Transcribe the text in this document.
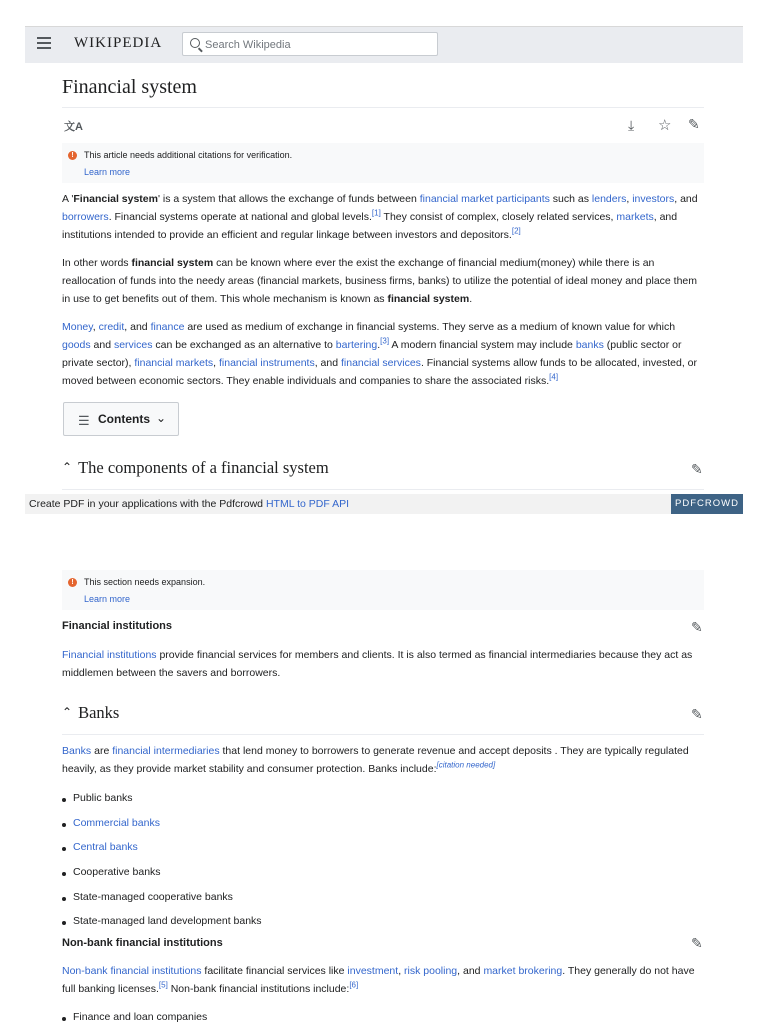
WIKIPEDIA
Search Wikipedia
Financial system
文A	⤓ ☆ ✎
!	This article needs additional citations for verification.
Learn more

A 'Financial system' is a system that allows the exchange of funds between financial market participants such as lenders, investors, and borrowers. Financial systems operate at national and global levels.[1] They consist of complex, closely related services, markets, and institutions intended to provide an efficient and regular linkage between investors and depositors.[2]

In other words financial system can be known where ever the exist the exchange of financial medium(money) while there is an reallocation of funds into the needy areas (financial markets, business firms, banks) to utilize the potential of ideal money and place them in use to get benefits out of them. This whole mechanism is known as financial system.

Money, credit, and finance are used as medium of exchange in financial systems. They serve as a medium of known value for which goods and services can be exchanged as an alternative to bartering.[3] A modern financial system may include banks (public sector or private sector), financial markets, financial instruments, and financial services. Financial systems allow funds to be allocated, invested, or moved between economic sectors. They enable individuals and companies to share the associated risks.[4]

☰ Contents ⌄
⌃ The components of a financial system	✎
Create PDF in your applications with the Pdfcrowd HTML to PDF API	PDFCROWD
!	This section needs expansion.
Learn more
Financial institutions	✎

Financial institutions provide financial services for members and clients. It is also termed as financial intermediaries because they act as middlemen between the savers and borrowers.

⌃ Banks	✎

Banks are financial intermediaries that lend money to borrowers to generate revenue and accept deposits . They are typically regulated heavily, as they provide market stability and consumer protection. Banks include:[citation needed]

Public banks
Commercial banks
Central banks
Cooperative banks
State-managed cooperative banks
State-managed land development banks
Non-bank financial institutions	✎

Non-bank financial institutions facilitate financial services like investment, risk pooling, and market brokering. They generally do not have full banking licenses.[5] Non-bank financial institutions include:[6]

Finance and loan companies
